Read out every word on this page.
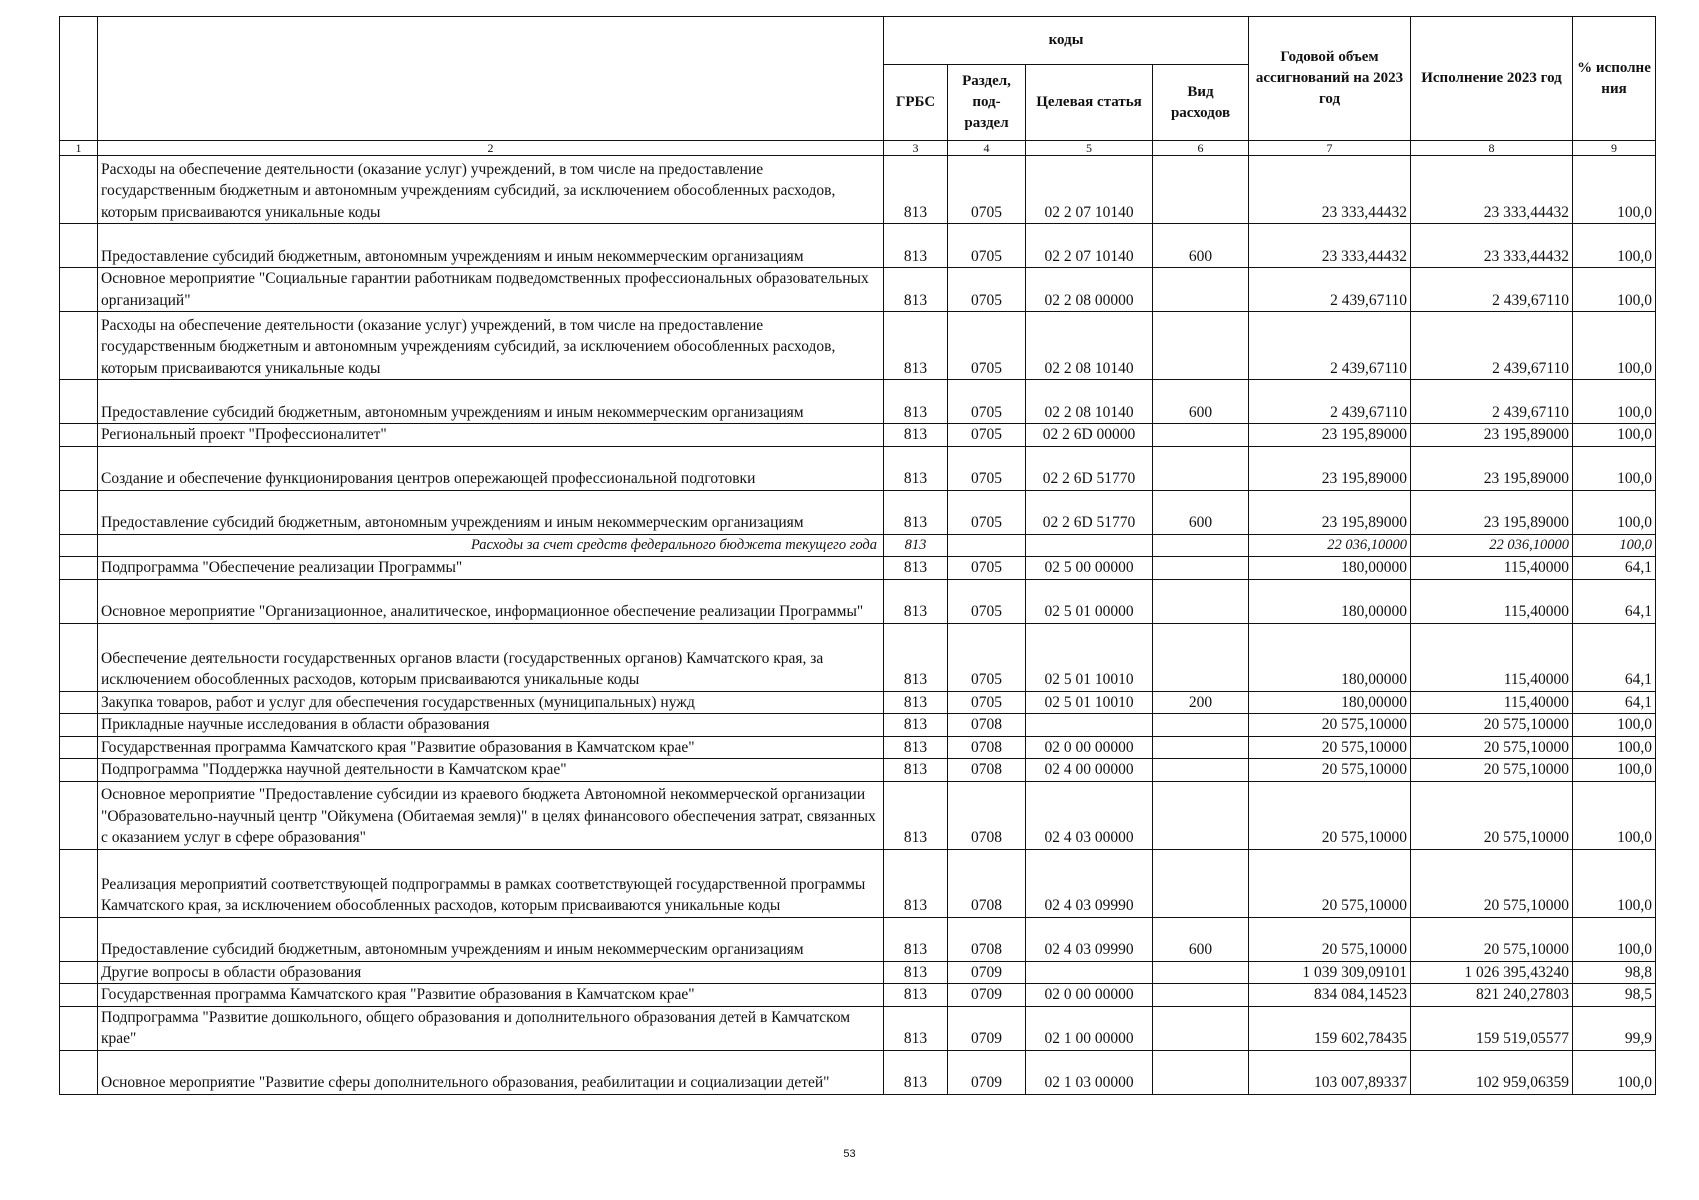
		коды				Годовой объем ассигнований на 2023 год	Исполнение 2023 год	% исполне ния
		ГРБС	Раздел, под-раздел	Целевая статья	Вид расходов			
1	2	3	4	5	6	7	8	9
	Расходы на обеспечение деятельности (оказание услуг) учреждений, в том числе на предоставление государственным бюджетным и автономным учреждениям субсидий, за исключением обособленных расходов, которым присваиваются уникальные коды	813	0705	02 2 07 10140		23 333,44432	23 333,44432	100,0
	Предоставление субсидий бюджетным, автономным учреждениям и иным некоммерческим организациям	813	0705	02 2 07 10140	600	23 333,44432	23 333,44432	100,0
	Основное мероприятие "Социальные гарантии работникам подведомственных профессиональных образовательных организаций"	813	0705	02 2 08 00000		2 439,67110	2 439,67110	100,0
	Расходы на обеспечение деятельности (оказание услуг) учреждений, в том числе на предоставление государственным бюджетным и автономным учреждениям субсидий, за исключением обособленных расходов, которым присваиваются уникальные коды	813	0705	02 2 08 10140		2 439,67110	2 439,67110	100,0
	Предоставление субсидий бюджетным, автономным учреждениям и иным некоммерческим организациям	813	0705	02 2 08 10140	600	2 439,67110	2 439,67110	100,0
	Региональный проект "Профессионалитет"	813	0705	02 2 6D 00000		23 195,89000	23 195,89000	100,0
	Создание и обеспечение функционирования центров опережающей профессиональной подготовки	813	0705	02 2 6D 51770		23 195,89000	23 195,89000	100,0
	Предоставление субсидий бюджетным, автономным учреждениям и иным некоммерческим организациям	813	0705	02 2 6D 51770	600	23 195,89000	23 195,89000	100,0
	Расходы за счет средств федерального бюджета текущего года	813				22 036,10000	22 036,10000	100,0
	Подпрограмма "Обеспечение реализации Программы"	813	0705	02 5 00 00000		180,00000	115,40000	64,1
	Основное мероприятие "Организационное, аналитическое, информационное обеспечение реализации Программы"	813	0705	02 5 01 00000		180,00000	115,40000	64,1
	Обеспечение деятельности государственных органов власти (государственных органов) Камчатского края, за исключением обособленных расходов, которым присваиваются уникальные коды	813	0705	02 5 01 10010		180,00000	115,40000	64,1
	Закупка товаров, работ и услуг для обеспечения государственных (муниципальных) нужд	813	0705	02 5 01 10010	200	180,00000	115,40000	64,1
	Прикладные научные исследования в области образования	813	0708			20 575,10000	20 575,10000	100,0
	Государственная программа Камчатского края "Развитие образования в Камчатском крае"	813	0708	02 0 00 00000		20 575,10000	20 575,10000	100,0
	Подпрограмма "Поддержка научной деятельности в Камчатском крае"	813	0708	02 4 00 00000		20 575,10000	20 575,10000	100,0
	Основное мероприятие "Предоставление субсидии из краевого бюджета Автономной некоммерческой организации "Образовательно-научный центр "Ойкумена (Обитаемая земля)" в целях финансового обеспечения затрат, связанных с оказанием услуг в сфере образования"	813	0708	02 4 03 00000		20 575,10000	20 575,10000	100,0
	Реализация мероприятий соответствующей подпрограммы в рамках соответствующей государственной программы Камчатского края, за исключением обособленных расходов, которым присваиваются уникальные коды	813	0708	02 4 03 09990		20 575,10000	20 575,10000	100,0
	Предоставление субсидий бюджетным, автономным учреждениям и иным некоммерческим организациям	813	0708	02 4 03 09990	600	20 575,10000	20 575,10000	100,0
	Другие вопросы в области образования	813	0709			1 039 309,09101	1 026 395,43240	98,8
	Государственная программа Камчатского края "Развитие образования в Камчатском крае"	813	0709	02 0 00 00000		834 084,14523	821 240,27803	98,5
	Подпрограмма "Развитие дошкольного, общего образования и дополнительного образования детей в Камчатском крае"	813	0709	02 1 00 00000		159 602,78435	159 519,05577	99,9
	Основное мероприятие "Развитие сферы дополнительного образования, реабилитации и социализации детей"	813	0709	02 1 03 00000		103 007,89337	102 959,06359	100,0
53
